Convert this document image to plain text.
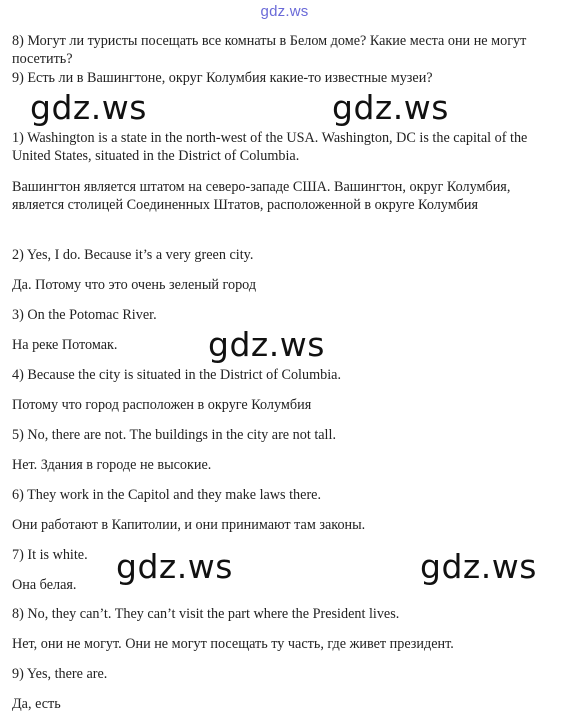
gdz.ws
8) Могут ли туристы посещать все комнаты в Белом доме? Какие места они не могут посетить?
9) Есть ли в Вашингтоне, округ Колумбия какие-то известные музеи?
1) Washington is a state in the north-west of the USA. Washington, DC is the capital of the United States, situated in the District of Columbia.
Вашингтон является штатом на северо-западе США. Вашингтон, округ Колумбия, является столицей Соединенных Штатов, расположенной в округе Колумбия
2) Yes, I do. Because it’s a very green city.
Да. Потому что это очень зеленый город
3) On the Potomac River.
На реке Потомак.
4) Because the city is situated in the District of Columbia.
Потому что город расположен в округе Колумбия
5) No, there are not. The buildings in the city are not tall.
Нет. Здания в городе не высокие.
6) They work in the Capitol and they make laws there.
Они работают в Капитолии, и они принимают там законы.
7) It is white.
Она белая.
8) No, they can’t. They can’t visit the part where the President lives.
Нет, они не могут. Они не могут посещать ту часть, где живет президент.
9) Yes, there are.
Да, есть
gdz.ws	gdz.ws
gdz.ws
gdz.ws	gdz.ws
